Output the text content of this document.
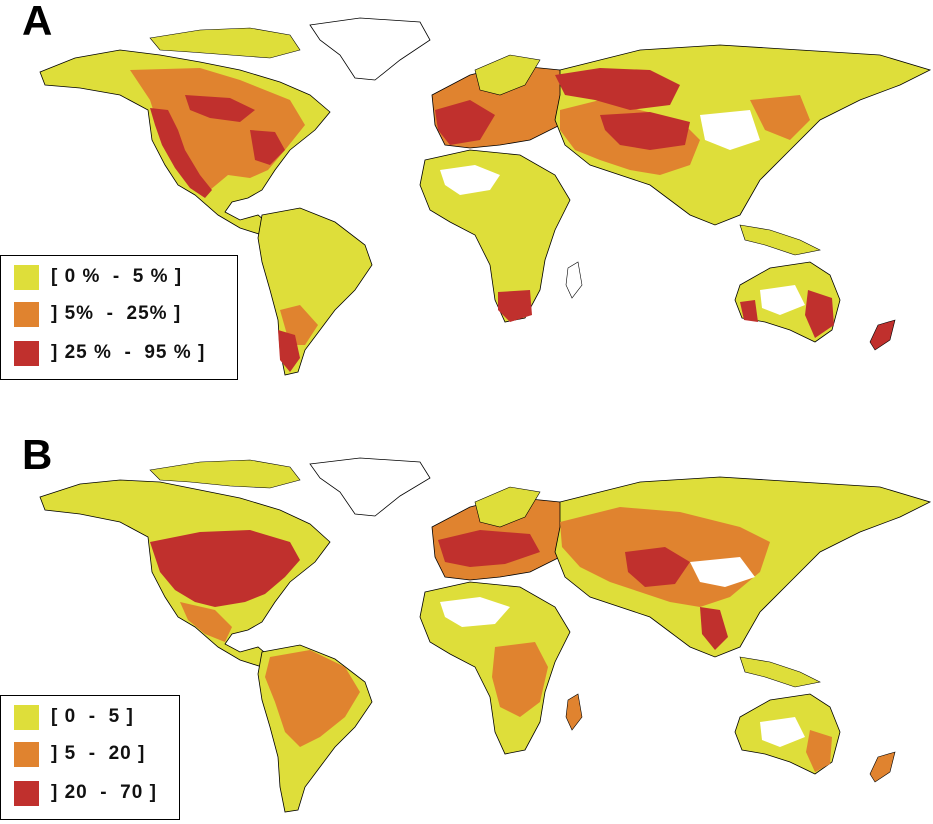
A
[ 0 %  -  5 % ]
] 5%  -  25% ]
] 25 %  -  95 % ]
B
[ 0  -  5 ]
] 5  -  20 ]
] 20  -  70 ]
